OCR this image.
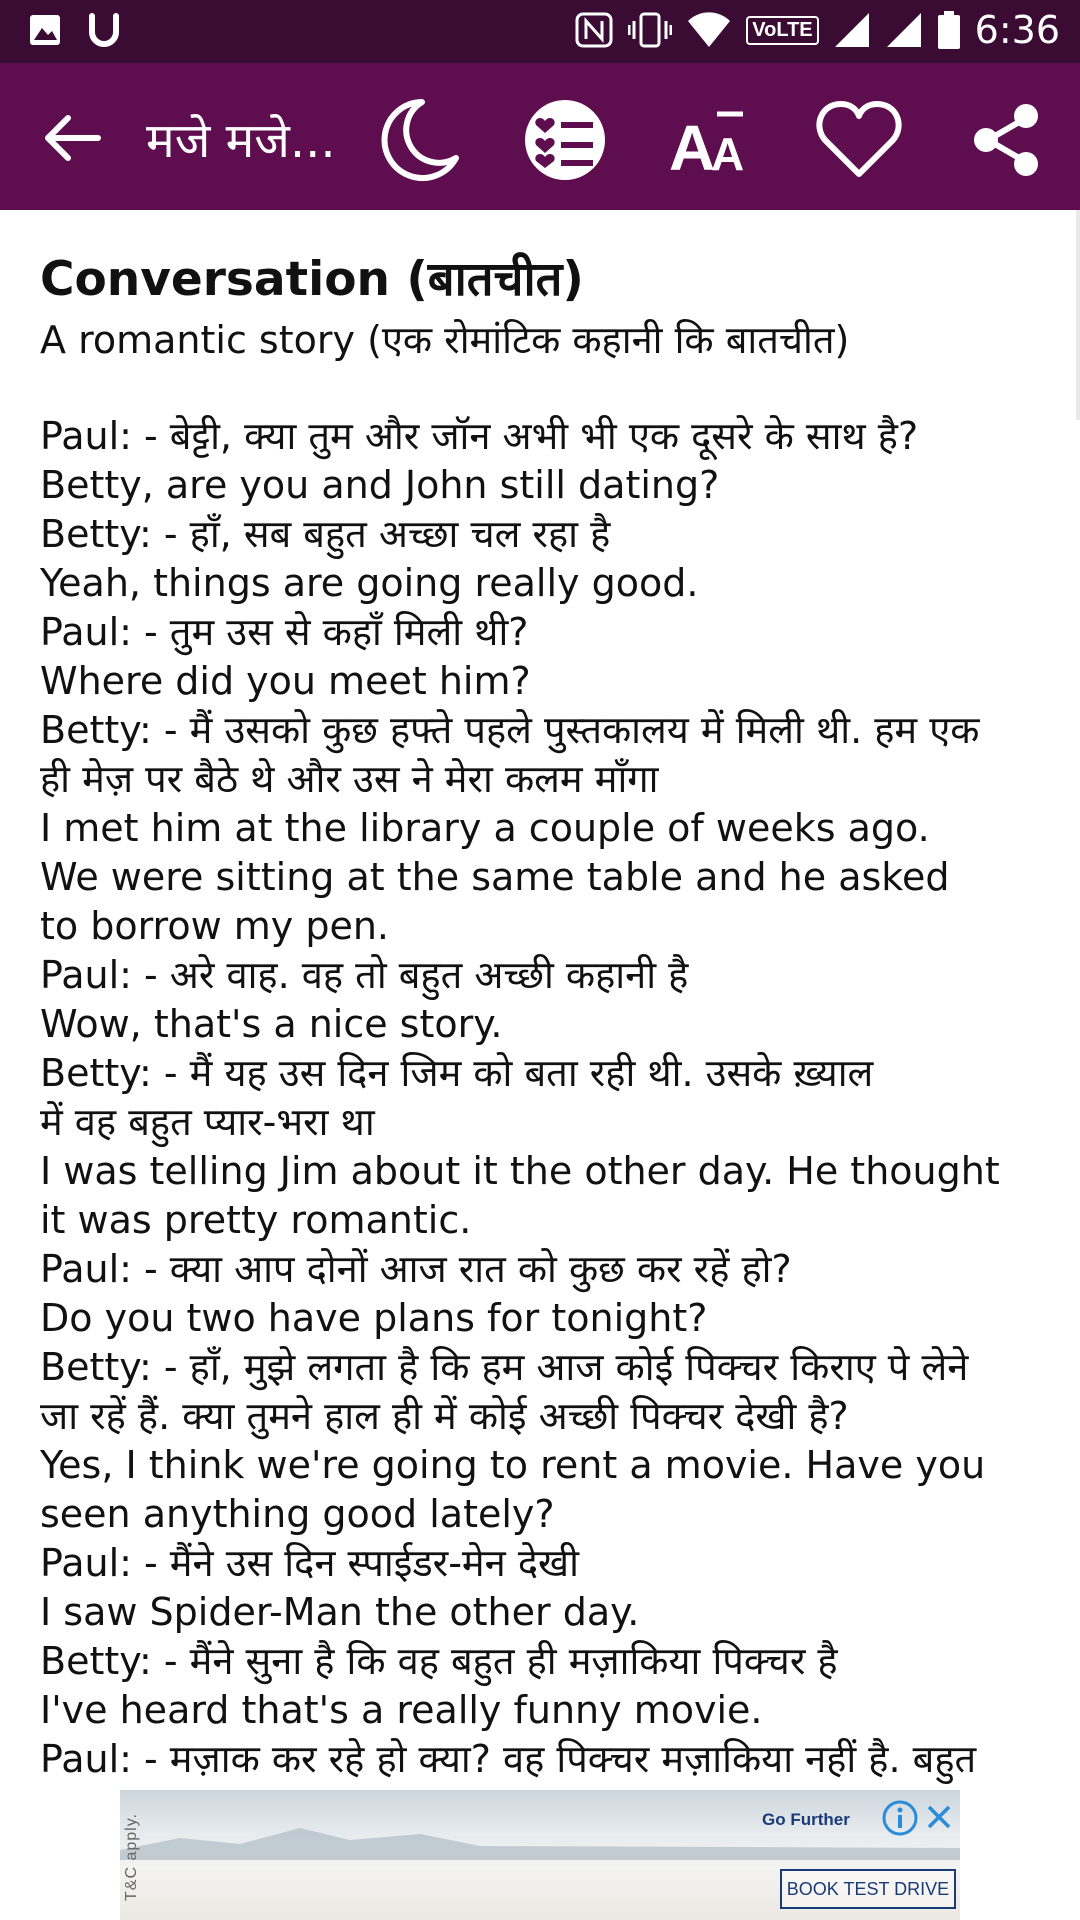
VoLTE	6:36
मजे मजे...	A
A
Conversation (बातचीत)

A romantic story (एक रोमांटिक कहानी कि बातचीत)

Paul: - बेट्टी, क्या तुम और जॉन अभी भी एक दूसरे के साथ है?
Betty, are you and John still dating?
Betty: - हाँ, सब बहुत अच्छा चल रहा है
Yeah, things are going really good.
Paul: - तुम उस से कहाँ मिली थी?
Where did you meet him?
Betty: - मैं उसको कुछ हफ्ते पहले पुस्तकालय में मिली थी. हम एक
ही मेज़ पर बैठे थे और उस ने मेरा कलम माँगा
I met him at the library a couple of weeks ago.
We were sitting at the same table and he asked
to borrow my pen.
Paul: - अरे वाह. वह तो बहुत अच्छी कहानी है
Wow, that's a nice story.
Betty: - मैं यह उस दिन जिम को बता रही थी. उसके ख़्याल
में वह बहुत प्यार-भरा था
I was telling Jim about it the other day. He thought
it was pretty romantic.
Paul: - क्या आप दोनों आज रात को कुछ कर रहें हो?
Do you two have plans for tonight?
Betty: - हाँ, मुझे लगता है कि हम आज कोई पिक्चर किराए पे लेने
जा रहें हैं. क्या तुमने हाल ही में कोई अच्छी पिक्चर देखी है?
Yes, I think we're going to rent a movie. Have you
seen anything good lately?
Paul: - मैंने उस दिन स्पाईडर-मेन देखी
I saw Spider-Man the other day.
Betty: - मैंने सुना है कि वह बहुत ही मज़ाकिया पिक्चर है
I've heard that's a really funny movie.
Paul: - मज़ाक कर रहे हो क्या? वह पिक्चर मज़ाकिया नहीं है. बहुत
T&C apply.	Go Further
BOOK TEST DRIVE
